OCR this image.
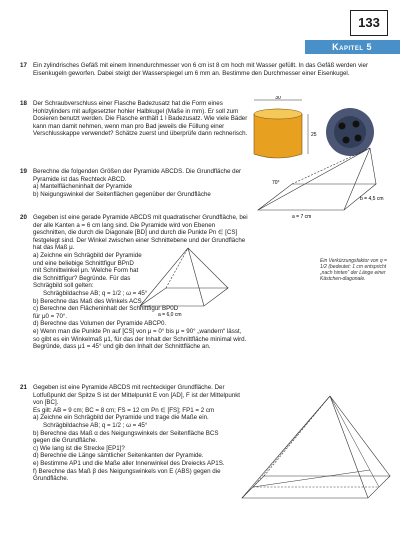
133
Kapitel 5
17 Ein zylindrisches Gefäß mit einem Innendurchmesser von 6 cm ist 8 cm hoch mit Wasser gefüllt. In das Gefäß werden vier Eisenkugeln geworfen. Dabei steigt der Wasserspiegel um 6 mm an. Bestimme den Durchmesser einer Eisenkugel.
18 Der Schraubverschluss einer Flasche Badezusatz hat die Form eines Hohlzylinders mit aufgesetzter hohler Halbkugel (Maße in mm). Er soll zum Dosieren benutzt werden. Die Flasche enthält 1 l Badezusatz. Wie viele Bäder kann man damit nehmen, wenn man pro Bad jeweils die Füllung einer Verschlusskappe verwendet? Schätze zuerst und überprüfe dann rechnerisch.
30
25
19 Berechne die folgenden Größen der Pyramide ABCDS. Die Grundfläche der Pyramide ist das Rechteck ABCD.
a) Mantelflächeninhalt der Pyramide
b) Neigungswinkel der Seitenflächen gegenüber der Grundfläche
70°
a = 7 cm
b = 4,5 cm
20 Gegeben ist eine gerade Pyramide ABCDS mit quadratischer Grundfläche, bei der alle Kanten a = 6 cm lang sind. Die Pyramide wird von Ebenen geschnitten, die durch die Diagonale [BD] und durch die Punkte Pn ∈ [CS] festgelegt sind. Der Winkel zwischen einer Schnittebene und der Grundfläche hat das Maß μ.
a) Zeichne ein Schrägbild der Pyramide und eine beliebige Schnittfigur BPnD mit Schnittwinkel μn. Welche Form hat die Schnittfigur? Begründe. Für das Schrägbild soll gelten:
Schrägbildachse AB; q = 1/2 ; ω = 45°
b) Berechne das Maß des Winkels ACS.
c) Berechne den Flächeninhalt der Schnittfigur BP0D für μ0 = 70°.
d) Berechne das Volumen der Pyramide ABCP0.
e) Wenn man die Punkte Pn auf [CS] von μ = 0° bis μ = 90° „wandern“ lässt, so gibt es ein Winkelmaß μ1, für das der Inhalt der Schnittfläche minimal wird. Begründe, dass μ1 = 45° und gib den Inhalt der Schnittfläche an.
a = 6,0 cm
Ein Verkürzungsfaktor von q = 1/2 (bedeutet: 1 cm entspricht „nach hinten“ der Länge einer Kästchen-diagonale.
21 Gegeben ist eine Pyramide ABCDS mit rechteckiger Grundfläche. Der Lotfußpunkt der Spitze S ist der Mittelpunkt E von [AD], F ist der Mittelpunkt von [BC].
Es gilt: AB = 9 cm; BC = 8 cm; FS = 12 cm Pn ∈ [FS]; FP1 = 2 cm
a) Zeichne ein Schrägbild der Pyramide und trage die Maße ein.
Schrägbildachse AB; q = 1/2 ; ω = 45°
b) Berechne das Maß α des Neigungswinkels der Seitenfläche BCS gegen die Grundfläche.
c) Wie lang ist die Strecke [EP1]?
d) Berechne die Länge sämtlicher Seitenkanten der Pyramide.
e) Bestimme AP1 und die Maße aller Innenwinkel des Dreiecks AP1S.
f) Berechne das Maß β des Neigungswinkels von E (ABS) gegen die Grundfläche.
